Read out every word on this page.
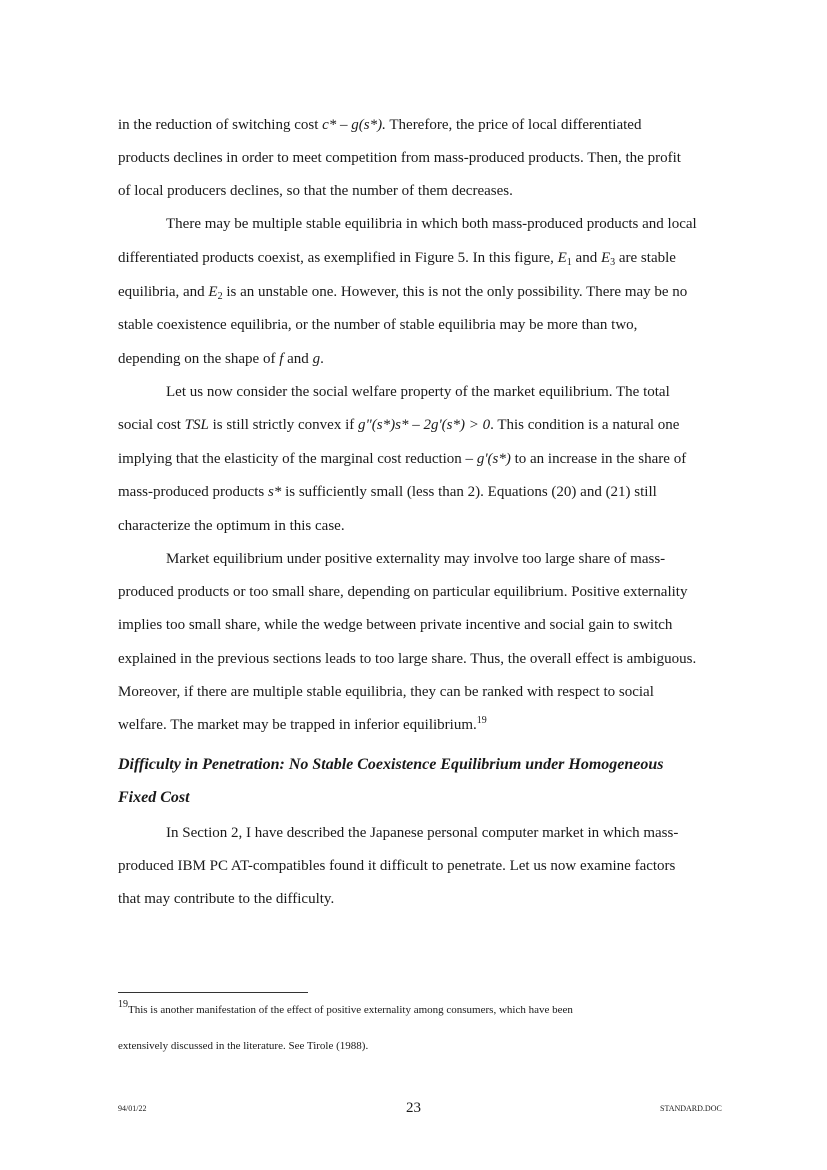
in the reduction of switching cost c* – g(s*). Therefore, the price of local differentiated
products declines in order to meet competition from mass-produced products. Then, the profit
of local producers declines, so that the number of them decreases.
There may be multiple stable equilibria in which both mass-produced products and local
differentiated products coexist, as exemplified in Figure 5. In this figure, $E_1$ and $E_3$ are stable
equilibria, and $E_2$ is an unstable one. However, this is not the only possibility. There may be no
stable coexistence equilibria, or the number of stable equilibria may be more than two,
depending on the shape of f and g.
Let us now consider the social welfare property of the market equilibrium. The total
social cost TSL is still strictly convex if g"(s*)s* – 2g'(s*) > 0. This condition is a natural one
implying that the elasticity of the marginal cost reduction – g'(s*) to an increase in the share of
mass-produced products s* is sufficiently small (less than 2). Equations (20) and (21) still
characterize the optimum in this case.
Market equilibrium under positive externality may involve too large share of mass-
produced products or too small share, depending on particular equilibrium. Positive externality
implies too small share, while the wedge between private incentive and social gain to switch
explained in the previous sections leads to too large share. Thus, the overall effect is ambiguous.
Moreover, if there are multiple stable equilibria, they can be ranked with respect to social
welfare. The market may be trapped in inferior equilibrium.$^{19}$
Difficulty in Penetration: No Stable Coexistence Equilibrium under Homogeneous
Fixed Cost
In Section 2, I have described the Japanese personal computer market in which mass-
produced IBM PC AT-compatibles found it difficult to penetrate. Let us now examine factors
that may contribute to the difficulty.
$^{19}$This is another manifestation of the effect of positive externality among consumers, which have been
extensively discussed in the literature. See Tirole (1988).
94/01/22	23	STANDARD.DOC
